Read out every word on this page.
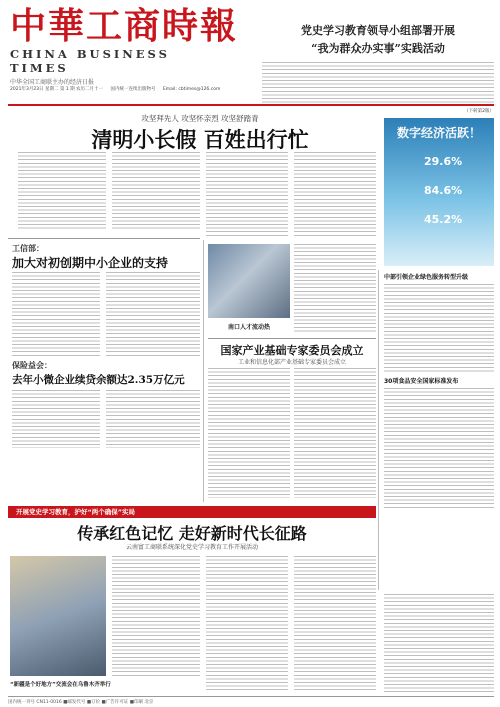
中華工商時報
CHINA BUSINESS TIMES
中华全国工商联主办的经济日报
2021年3月23日 星期二 第 1 期 农历二月十一 国内统一连续出版物号 Email: cbtimes@126.com
党史学习教育领导小组部署开展
“我为群众办实事”实践活动
（下转第2版）
攻坚拜先人 攻坚怀亲烈 攻坚舒踏青
清明小长假 百姓出行忙	数字经济活跃！
29.6%
84.6%
45.2%
工信部：
加大对初创期中小企业的支持
保险益会：
去年小微企业续贷余额达2.35万亿元
南口人才流动热
中部引领企业绿色服务转型升级
30项食品安全国家标准发布
国家产业基础专家委员会成立
工业和信息化部产业基础专家委员会成立
开展党史学习教育，护好“两个确保”实局
传承红色记忆 走好新时代长征路
云南富工商联系统深化党史学习教育工作开展活动
“新疆是个好地方”交流会在乌鲁木齐举行
国内统一刊号 CN11-0016 ■邮发代号 ■订价 ■广告许可证 ■印刷 北京
